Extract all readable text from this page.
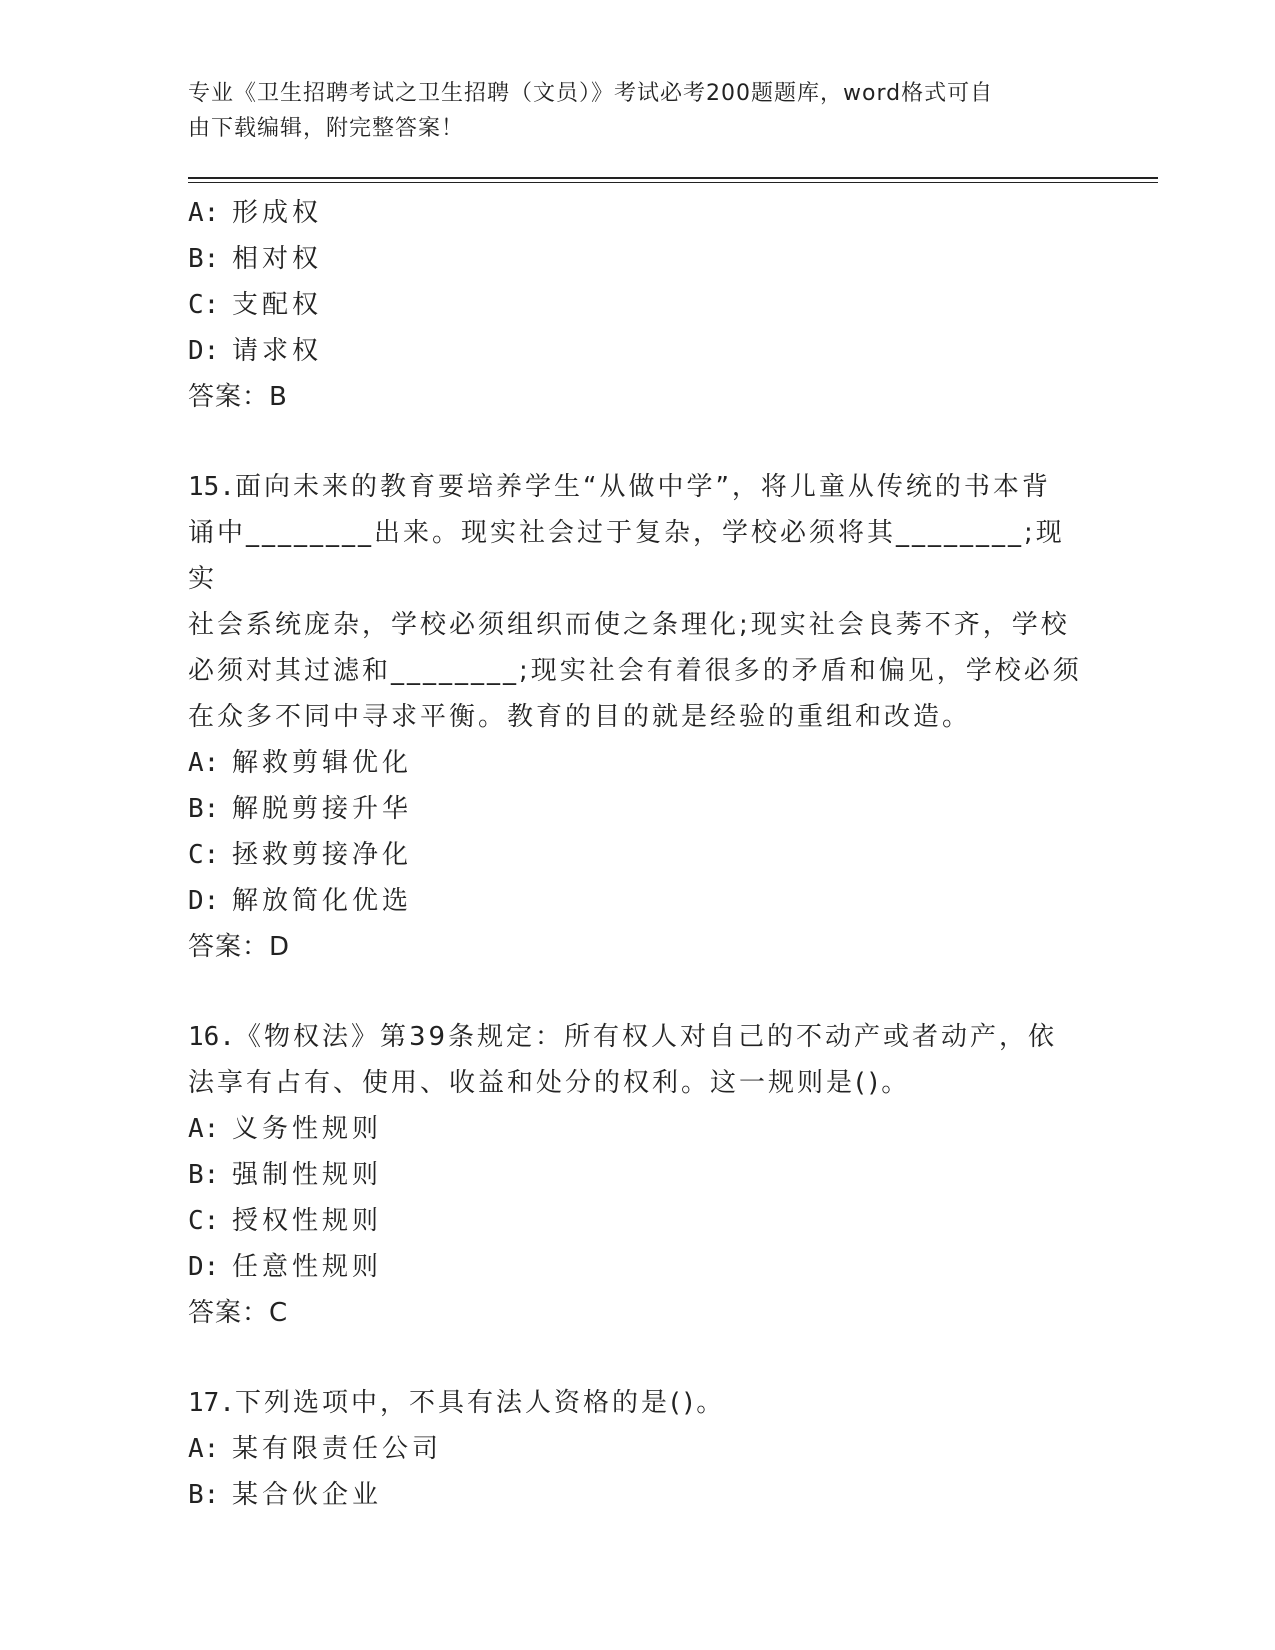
专业《卫生招聘考试之卫生招聘（文员）》考试必考200题题库，word格式可自
由下载编辑，附完整答案！
A: 形成权
B: 相对权
C: 支配权
D: 请求权
答案：B
15.面向未来的教育要培养学生“从做中学”，将儿童从传统的书本背
诵中________出来。现实社会过于复杂，学校必须将其________;现实
社会系统庞杂，学校必须组织而使之条理化;现实社会良莠不齐，学校
必须对其过滤和________;现实社会有着很多的矛盾和偏见，学校必须
在众多不同中寻求平衡。教育的目的就是经验的重组和改造。
A: 解救剪辑优化
B: 解脱剪接升华
C: 拯救剪接净化
D: 解放简化优选
答案：D
16.《物权法》第39条规定：所有权人对自己的不动产或者动产，依
法享有占有、使用、收益和处分的权利。这一规则是()。
A: 义务性规则
B: 强制性规则
C: 授权性规则
D: 任意性规则
答案：C
17.下列选项中，不具有法人资格的是()。
A: 某有限责任公司
B: 某合伙企业
